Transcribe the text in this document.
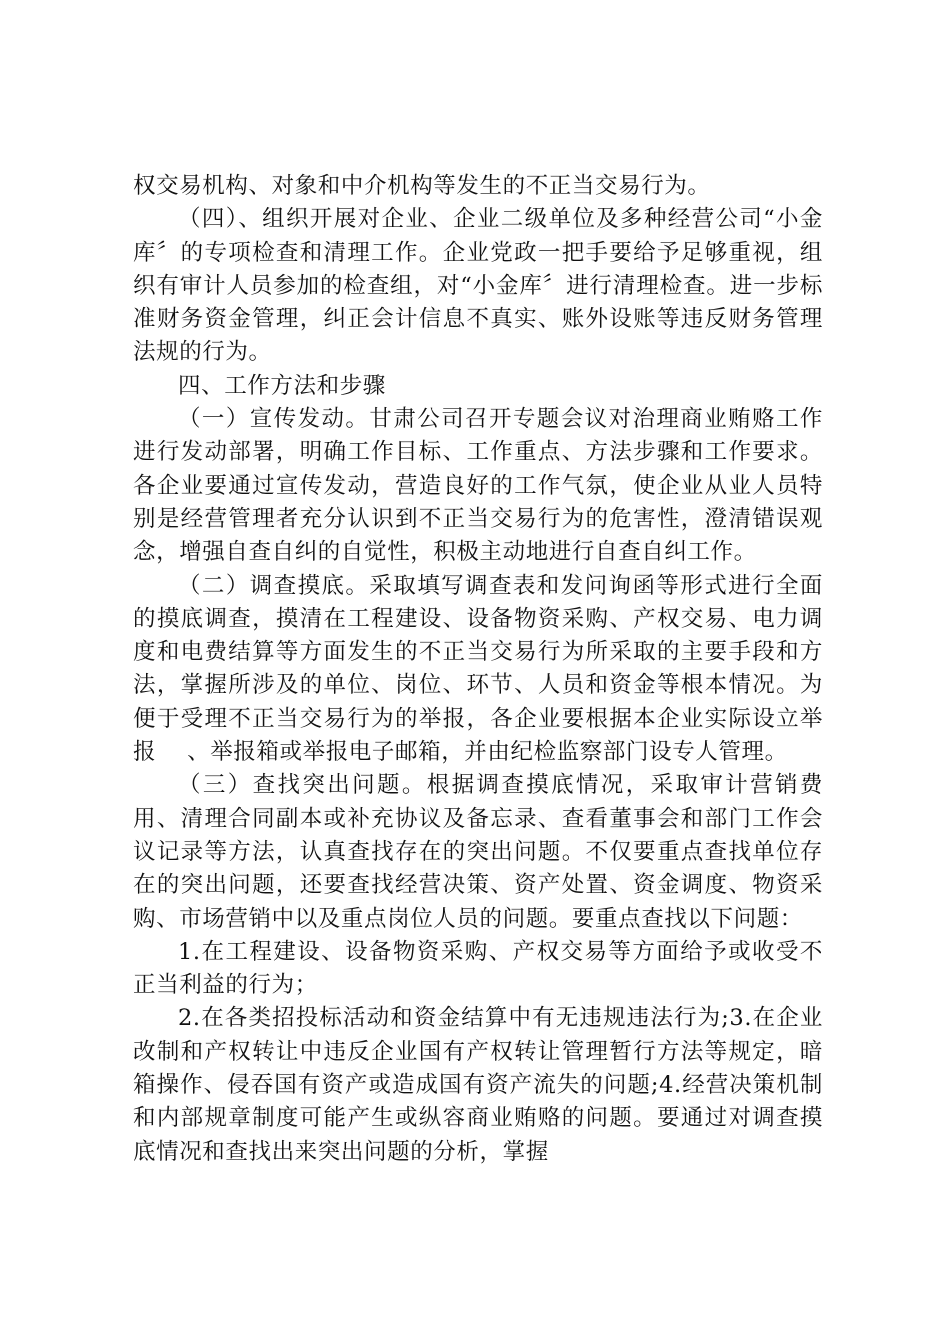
权交易机构、对象和中介机构等发生的不正当交易行为。

（四）、组织开展对企业、企业二级单位及多种经营公司“小金库〞的专项检查和清理工作。企业党政一把手要给予足够重视，组织有审计人员参加的检查组，对“小金库〞进行清理检查。进一步标准财务资金管理，纠正会计信息不真实、账外设账等违反财务管理法规的行为。

四、工作方法和步骤

（一）宣传发动。甘肃公司召开专题会议对治理商业贿赂工作进行发动部署，明确工作目标、工作重点、方法步骤和工作要求。各企业要通过宣传发动，营造良好的工作气氛，使企业从业人员特别是经营管理者充分认识到不正当交易行为的危害性，澄清错误观念，增强自查自纠的自觉性，积极主动地进行自查自纠工作。

（二）调查摸底。采取填写调查表和发问询函等形式进行全面的摸底调查，摸清在工程建设、设备物资采购、产权交易、电力调度和电费结算等方面发生的不正当交易行为所采取的主要手段和方法，掌握所涉及的单位、岗位、环节、人员和资金等根本情况。为便于受理不正当交易行为的举报，各企业要根据本企业实际设立举报    、举报箱或举报电子邮箱，并由纪检监察部门设专人管理。

（三）查找突出问题。根据调查摸底情况，采取审计营销费用、清理合同副本或补充协议及备忘录、查看董事会和部门工作会议记录等方法，认真查找存在的突出问题。不仅要重点查找单位存在的突出问题，还要查找经营决策、资产处置、资金调度、物资采购、市场营销中以及重点岗位人员的问题。要重点查找以下问题：

1.在工程建设、设备物资采购、产权交易等方面给予或收受不正当利益的行为；

2.在各类招投标活动和资金结算中有无违规违法行为;3.在企业改制和产权转让中违反企业国有产权转让管理暂行方法等规定，暗箱操作、侵吞国有资产或造成国有资产流失的问题;4.经营决策机制和内部规章制度可能产生或纵容商业贿赂的问题。要通过对调查摸底情况和查找出来突出问题的分析，掌握
